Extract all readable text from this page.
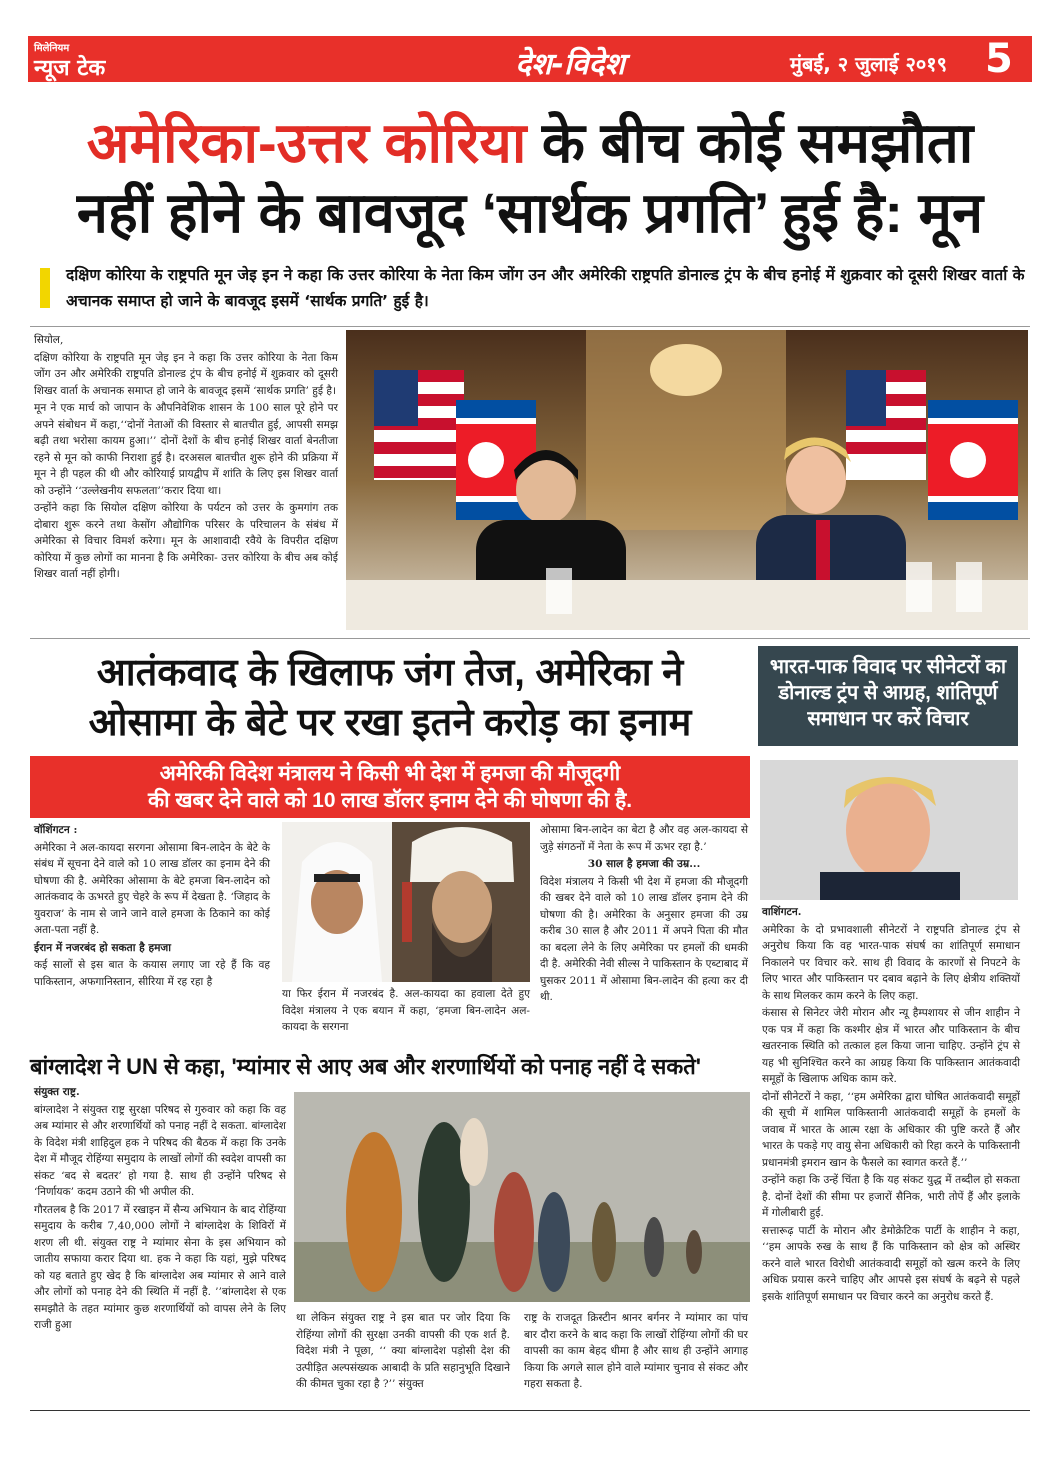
मिलेनियम
न्यूज टेक	देश-विदेश	मुंबई, २ जुलाई २०१९ 5
अमेरिका-उत्तर कोरिया के बीच कोई समझौता
नहीं होने के बावजूद ‘सार्थक प्रगति’ हुई है: मून
दक्षिण कोरिया के राष्ट्रपति मून जेइ इन ने कहा कि उत्तर कोरिया के नेता किम जोंग उन और अमेरिकी राष्ट्रपति डोनाल्ड ट्रंप के बीच हनोई में शुक्रवार को दूसरी शिखर वार्ता के अचानक समाप्त हो जाने के बावजूद इसमें ‘सार्थक प्रगति’ हुई है।

सियोल,

दक्षिण कोरिया के राष्ट्रपति मून जेइ इन ने कहा कि उत्तर कोरिया के नेता किम जोंग उन और अमेरिकी राष्ट्रपति डोनाल्ड ट्रंप के बीच हनोई में शुक्रवार को दूसरी शिखर वार्ता के अचानक समाप्त हो जाने के बावजूद इसमें ‘सार्थक प्रगति’ हुई है।

मून ने एक मार्च को जापान के औपनिवेशिक शासन के 100 साल पूरे होने पर अपने संबोधन में कहा,‘‘दोनों नेताओं की विस्तार से बातचीत हुई, आपसी समझ बढ़ी तथा भरोसा कायम हुआ।’’ दोनों देशों के बीच हनोई शिखर वार्ता बेनतीजा रहने से मून को काफी निराशा हुई है। दरअसल बातचीत शुरू होने की प्रक्रिया में मून ने ही पहल की थी और कोरियाई प्रायद्वीप में शांति के लिए इस शिखर वार्ता को उन्होंने ‘‘उल्लेखनीय सफलता’’करार दिया था।

उन्होंने कहा कि सियोल दक्षिण कोरिया के पर्यटन को उत्तर के कुमगांग तक दोबारा शुरू करने तथा केसोंग औद्योगिक परिसर के परिचालन के संबंध में अमेरिका से विचार विमर्श करेगा। मून के आशावादी रवैये के विपरीत दक्षिण कोरिया में कुछ लोगों का मानना है कि अमेरिका- उत्तर कोरिया के बीच अब कोई शिखर वार्ता नहीं होगी।

आतंकवाद के खिलाफ जंग तेज, अमेरिका ने
ओसामा के बेटे पर रखा इतने करोड़ का इनाम
भारत-पाक विवाद पर सीनेटरों का डोनाल्ड ट्रंप से आग्रह, शांतिपूर्ण समाधान पर करें विचार
अमेरिकी विदेश मंत्रालय ने किसी भी देश में हमजा की मौजूदगी
की खबर देने वाले को 10 लाख डॉलर इनाम देने की घोषणा की है.

वॉशिंगटन :

अमेरिका ने अल-कायदा सरगना ओसामा बिन-लादेन के बेटे के संबंध में सूचना देने वाले को 10 लाख डॉलर का इनाम देने की घोषणा की है. अमेरिका ओसामा के बेटे हमजा बिन-लादेन को आतंकवाद के ऊभरते हुए चेहरे के रूप में देखता है. ‘जिहाद के युवराज’ के नाम से जाने जाने वाले हमजा के ठिकाने का कोई अता-पता नहीं है.

ईरान में नजरबंद हो सकता है हमजा

कई सालों से इस बात के कयास लगाए जा रहे हैं कि वह पाकिस्तान, अफगानिस्तान, सीरिया में रह रहा है

या फिर ईरान में नजरबंद है. अल-कायदा का हवाला देते हुए विदेश मंत्रालय ने एक बयान में कहा, ‘हमजा बिन-लादेन अल-कायदा के सरगना

ओसामा बिन-लादेन का बेटा है और वह अल-कायदा से जुड़े संगठनों में नेता के रूप में ऊभर रहा है.’

30 साल है हमजा की उम्र...

विदेश मंत्रालय ने किसी भी देश में हमजा की मौजूदगी की खबर देने वाले को 10 लाख डॉलर इनाम देने की घोषणा की है। अमेरिका के अनुसार हमजा की उम्र करीब 30 साल है और 2011 में अपने पिता की मौत का बदला लेने के लिए अमेरिका पर हमलों की धमकी दी है. अमेरिकी नेवी सील्स ने पाकिस्तान के एब्टाबाद में घुसकर 2011 में ओसामा बिन-लादेन की हत्या कर दी थी.

वाशिंगटन.

अमेरिका के दो प्रभावशाली सीनेटरों ने राष्ट्रपति डोनाल्ड ट्रंप से अनुरोध किया कि वह भारत-पाक संघर्ष का शांतिपूर्ण समाधान निकालने पर विचार करे. साथ ही विवाद के कारणों से निपटने के लिए भारत और पाकिस्तान पर दबाव बढ़ाने के लिए क्षेत्रीय शक्तियों के साथ मिलकर काम करने के लिए कहा.

कंसास से सिनेटर जेरी मोरान और न्यू हैम्पशायर से जीन शाहीन ने एक पत्र में कहा कि कश्मीर क्षेत्र में भारत और पाकिस्तान के बीच खतरनाक स्थिति को तत्काल हल किया जाना चाहिए. उन्होंने ट्रंप से यह भी सुनिश्चित करने का आग्रह किया कि पाकिस्तान आतंकवादी समूहों के खिलाफ अधिक काम करे.

दोनों सीनेटरों ने कहा, ‘‘हम अमेरिका द्वारा घोषित आतंकवादी समूहों की सूची में शामिल पाकिस्तानी आतंकवादी समूहों के हमलों के जवाब में भारत के आत्म रक्षा के अधिकार की पुष्टि करते हैं और भारत के पकड़े गए वायु सेना अधिकारी को रिहा करने के पाकिस्तानी प्रधानमंत्री इमरान खान के फैसले का स्वागत करते हैं.’’

उन्होंने कहा कि उन्हें चिंता है कि यह संकट युद्ध में तब्दील हो सकता है. दोनों देशों की सीमा पर हजारों सैनिक, भारी तोपें हैं और इलाके में गोलीबारी हुई.

सत्तारूढ़ पार्टी के मोरान और डेमोक्रेटिक पार्टी के शाहीन ने कहा, ‘‘हम आपके रुख के साथ हैं कि पाकिस्तान को क्षेत्र को अस्थिर करने वाले भारत विरोधी आतंकवादी समूहों को खत्म करने के लिए अधिक प्रयास करने चाहिए और आपसे इस संघर्ष के बढ़ने से पहले इसके शांतिपूर्ण समाधान पर विचार करने का अनुरोध करते हैं.

बांग्लादेश ने UN से कहा, 'म्यांमार से आए अब और शरणार्थियों को पनाह नहीं दे सकते'

संयुक्त राष्ट्र.

बांग्लादेश ने संयुक्त राष्ट्र सुरक्षा परिषद से गुरुवार को कहा कि वह अब म्यांमार से और शरणार्थियों को पनाह नहीं दे सकता. बांग्लादेश के विदेश मंत्री शाहिदुल हक ने परिषद की बैठक में कहा कि उनके देश में मौजूद रोहिंग्या समुदाय के लाखों लोगों की स्वदेश वापसी का संकट ‘बद से बदतर’ हो गया है. साथ ही उन्होंने परिषद से ‘निर्णायक’ कदम उठाने की भी अपील की.

गौरतलब है कि 2017 में रखाइन में सैन्य अभियान के बाद रोहिंग्या समुदाय के करीब 7,40,000 लोगों ने बांग्लादेश के शिविरों में शरण ली थी. संयुक्त राष्ट्र ने म्यांमार सेना के इस अभियान को जातीय सफाया करार दिया था. हक ने कहा कि यहां, मुझे परिषद को यह बताते हुए खेद है कि बांग्लादेश अब म्यांमार से आने वाले और लोगों को पनाह देने की स्थिति में नहीं है. ’’बांग्लादेश से एक समझौते के तहत म्यांमार कुछ शरणार्थियों को वापस लेने के लिए राजी हुआ

था लेकिन संयुक्त राष्ट्र ने इस बात पर जोर दिया कि रोहिंग्या लोगों की सुरक्षा उनकी वापसी की एक शर्त है. विदेश मंत्री ने पूछा, ‘‘ क्या बांग्लादेश पड़ोसी देश की उत्पीड़ित अल्पसंख्यक आबादी के प्रति सहानुभूति दिखाने की कीमत चुका रहा है ?’’ संयुक्त

राष्ट्र के राजदूत क्रिस्टीन श्रानर बर्गनर ने म्यांमार का पांच बार दौरा करने के बाद कहा कि लाखों रोहिंग्या लोगों की घर वापसी का काम बेहद धीमा है और साथ ही उन्होंने आगाह किया कि अगले साल होने वाले म्यांमार चुनाव से संकट और गहरा सकता है.
